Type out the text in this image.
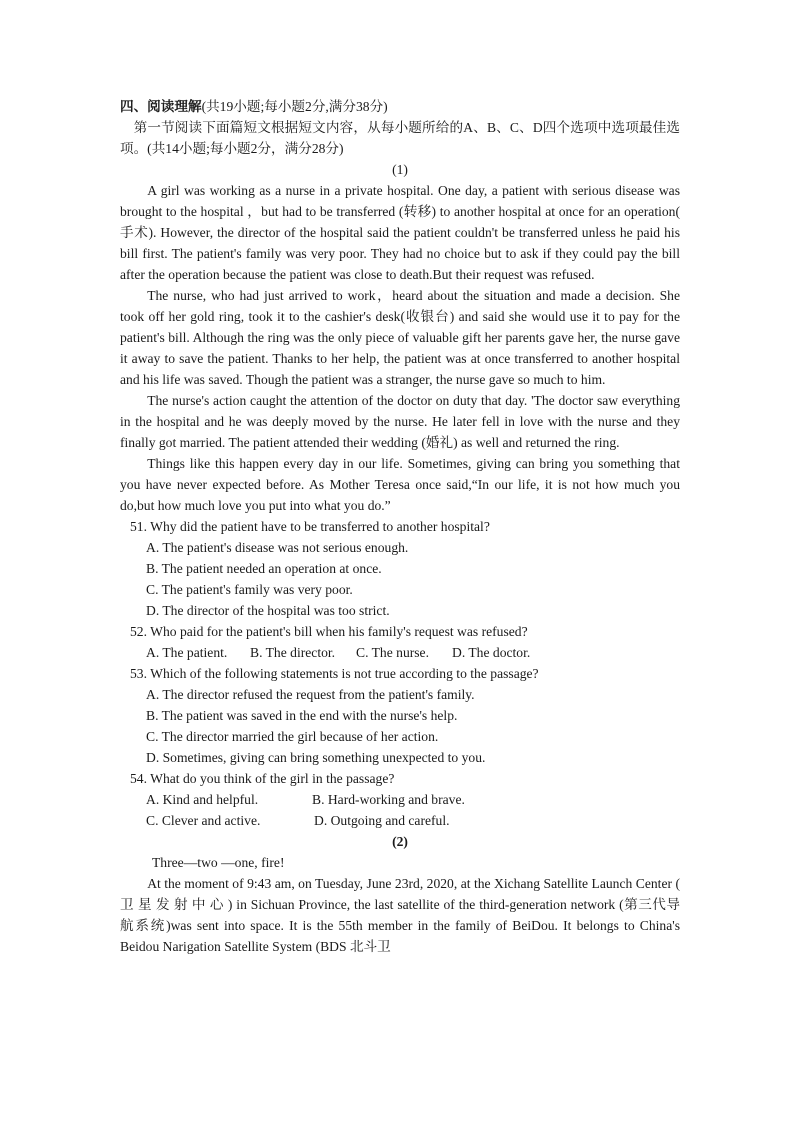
四、阅读理解(共19小题;每小题2分,满分38分)

第一节阅读下面篇短文根据短文内容，从每小题所给的A、B、C、D四个选项中选项最佳选项。(共14小题;每小题2分，满分28分)

(1)

A girl was working as a nurse in a private hospital. One day, a patient with serious disease was brought to the hospital ，but had to be transferred (转移) to another hospital at once for an operation( 手术). However, the director of the hospital said the patient couldn't be transferred unless he paid his bill first. The patient's family was very poor. They had no choice but to ask if they could pay the bill after the operation because the patient was close to death.But their request was refused.

The nurse, who had just arrived to work，heard about the situation and made a decision. She took off her gold ring, took it to the cashier's desk(收银台) and said she would use it to pay for the patient's bill. Although the ring was the only piece of valuable gift her parents gave her, the nurse gave it away to save the patient. Thanks to her help, the patient was at once transferred to another hospital and his life was saved. Though the patient was a stranger, the nurse gave so much to him.

The nurse's action caught the attention of the doctor on duty that day. 'The doctor saw everything in the hospital and he was deeply moved by the nurse. He later fell in love with the nurse and they finally got married. The patient attended their wedding (婚礼) as well and returned the ring.

Things like this happen every day in our life. Sometimes, giving can bring you something that you have never expected before. As Mother Teresa once said,“In our life, it is not how much you do,but how much love you put into what you do.”

51. Why did the patient have to be transferred to another hospital?
A. The patient's disease was not serious enough.
B. The patient needed an operation at once.
C. The patient's family was very poor.
D. The director of the hospital was too strict.
52. Who paid for the patient's bill when his family's request was refused?
A. The patient. B. The director. C. The nurse. D. The doctor.
53. Which of the following statements is not true according to the passage?
A. The director refused the request from the patient's family.
B. The patient was saved in the end with the nurse's help.
C. The director married the girl because of her action.
D. Sometimes, giving can bring something unexpected to you.
54. What do you think of the girl in the passage?
A. Kind and helpful.	B. Hard-working and brave.
C. Clever and active.	D. Outgoing and careful.
(2)
Three—two —one, fire!

At the moment of 9:43 am, on Tuesday, June 23rd, 2020, at the Xichang Satellite Launch Center ( 卫 星 发 射 中 心 ) in Sichuan Province, the last satellite of the third-generation network (第三代导航系统)was sent into space. It is the 55th member in the family of BeiDou. It belongs to China's Beidou Narigation Satellite System (BDS 北斗卫
